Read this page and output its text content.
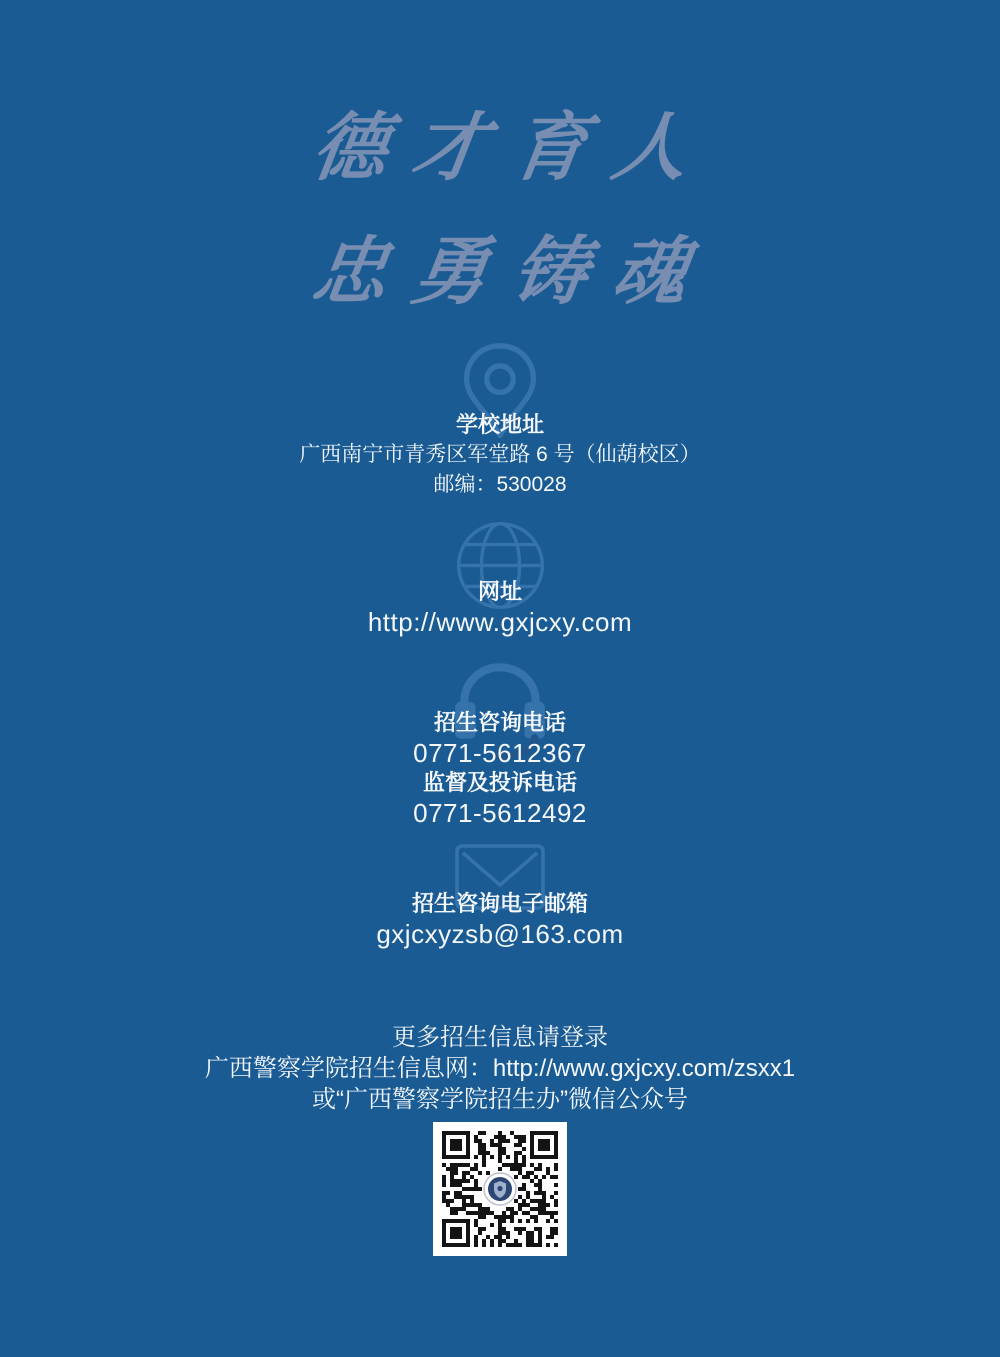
德才育人
忠勇铸魂

学校地址

广西南宁市青秀区军堂路 6 号（仙葫校区）

邮编：530028

网址

http://www.gxjcxy.com

招生咨询电话

0771-5612367

监督及投诉电话

0771-5612492

招生咨询电子邮箱

gxjcxyzsb@163.com

更多招生信息请登录

广西警察学院招生信息网：http://www.gxjcxy.com/zsxx1

或“广西警察学院招生办”微信公众号
